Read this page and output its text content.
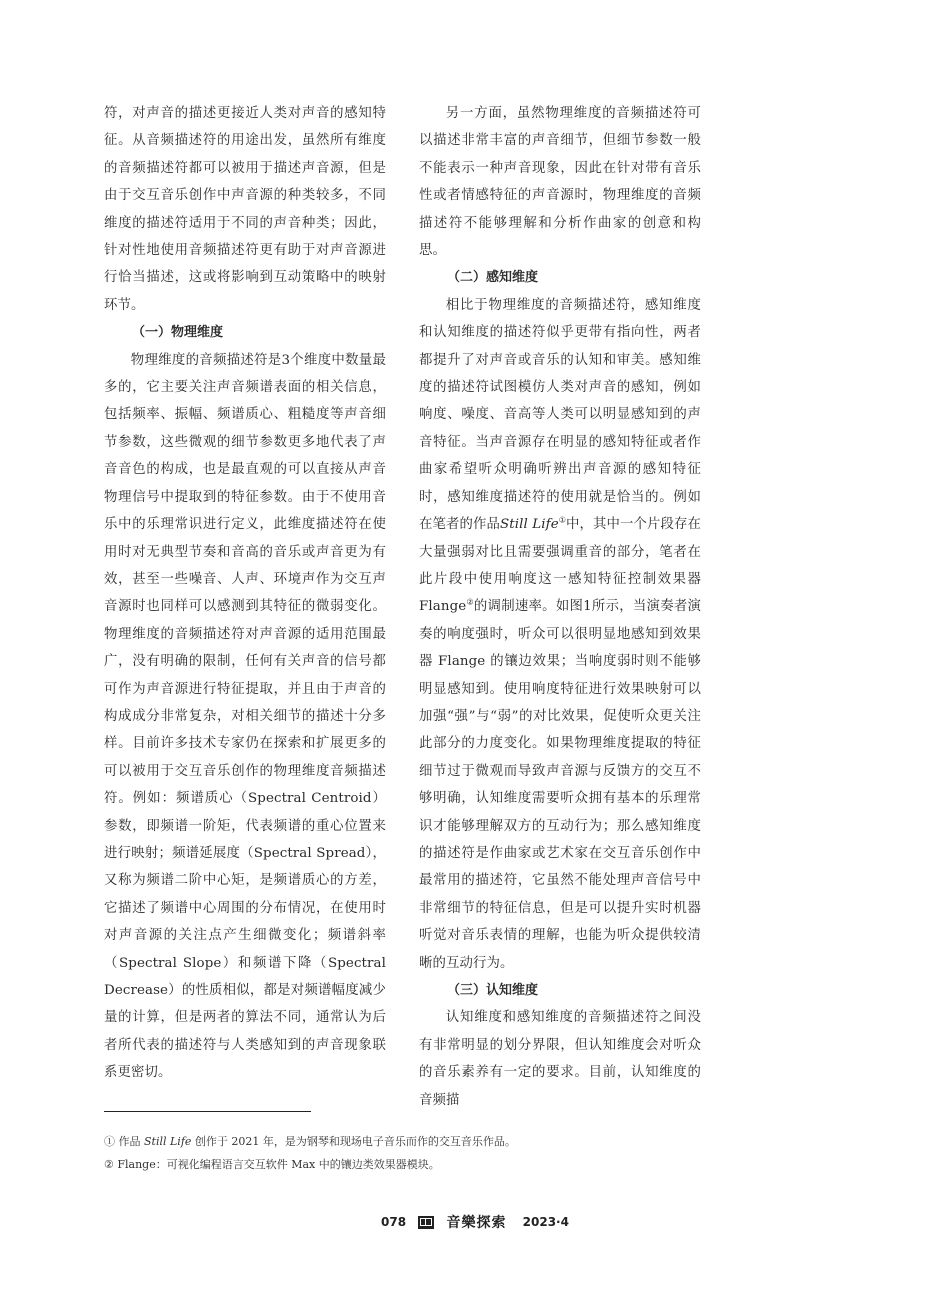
符，对声音的描述更接近人类对声音的感知特征。从音频描述符的用途出发，虽然所有维度的音频描述符都可以被用于描述声音源，但是由于交互音乐创作中声音源的种类较多，不同维度的描述符适用于不同的声音种类；因此，针对性地使用音频描述符更有助于对声音源进行恰当描述，这或将影响到互动策略中的映射环节。

（一）物理维度

物理维度的音频描述符是3个维度中数量最多的，它主要关注声音频谱表面的相关信息，包括频率、振幅、频谱质心、粗糙度等声音细节参数，这些微观的细节参数更多地代表了声音音色的构成，也是最直观的可以直接从声音物理信号中提取到的特征参数。由于不使用音乐中的乐理常识进行定义，此维度描述符在使用时对无典型节奏和音高的音乐或声音更为有效，甚至一些噪音、人声、环境声作为交互声音源时也同样可以感测到其特征的微弱变化。物理维度的音频描述符对声音源的适用范围最广，没有明确的限制，任何有关声音的信号都可作为声音源进行特征提取，并且由于声音的构成成分非常复杂，对相关细节的描述十分多样。目前许多技术专家仍在探索和扩展更多的可以被用于交互音乐创作的物理维度音频描述符。例如：频谱质心（Spectral Centroid）参数，即频谱一阶矩，代表频谱的重心位置来进行映射；频谱延展度（Spectral Spread），又称为频谱二阶中心矩，是频谱质心的方差，它描述了频谱中心周围的分布情况，在使用时对声音源的关注点产生细微变化；频谱斜率（Spectral Slope）和频谱下降（Spectral Decrease）的性质相似，都是对频谱幅度减少量的计算，但是两者的算法不同，通常认为后者所代表的描述符与人类感知到的声音现象联系更密切。

另一方面，虽然物理维度的音频描述符可以描述非常丰富的声音细节，但细节参数一般不能表示一种声音现象，因此在针对带有音乐性或者情感特征的声音源时，物理维度的音频描述符不能够理解和分析作曲家的创意和构思。

（二）感知维度

相比于物理维度的音频描述符，感知维度和认知维度的描述符似乎更带有指向性，两者都提升了对声音或音乐的认知和审美。感知维度的描述符试图模仿人类对声音的感知，例如响度、噪度、音高等人类可以明显感知到的声音特征。当声音源存在明显的感知特征或者作曲家希望听众明确听辨出声音源的感知特征时，感知维度描述符的使用就是恰当的。例如在笔者的作品Still Life①中，其中一个片段存在大量强弱对比且需要强调重音的部分，笔者在此片段中使用响度这一感知特征控制效果器 Flange②的调制速率。如图1所示，当演奏者演奏的响度强时，听众可以很明显地感知到效果器 Flange 的镶边效果；当响度弱时则不能够明显感知到。使用响度特征进行效果映射可以加强“强”与“弱”的对比效果，促使听众更关注此部分的力度变化。如果物理维度提取的特征细节过于微观而导致声音源与反馈方的交互不够明确，认知维度需要听众拥有基本的乐理常识才能够理解双方的互动行为；那么感知维度的描述符是作曲家或艺术家在交互音乐创作中最常用的描述符，它虽然不能处理声音信号中非常细节的特征信息，但是可以提升实时机器听觉对音乐表情的理解，也能为听众提供较清晰的互动行为。

（三）认知维度

认知维度和感知维度的音频描述符之间没有非常明显的划分界限，但认知维度会对听众的音乐素养有一定的要求。目前，认知维度的音频描

① 作品 Still Life 创作于 2021 年，是为钢琴和现场电子音乐而作的交互音乐作品。
② Flange：可视化编程语言交互软件 Max 中的镶边类效果器模块。
078	音樂探索 2023·4
